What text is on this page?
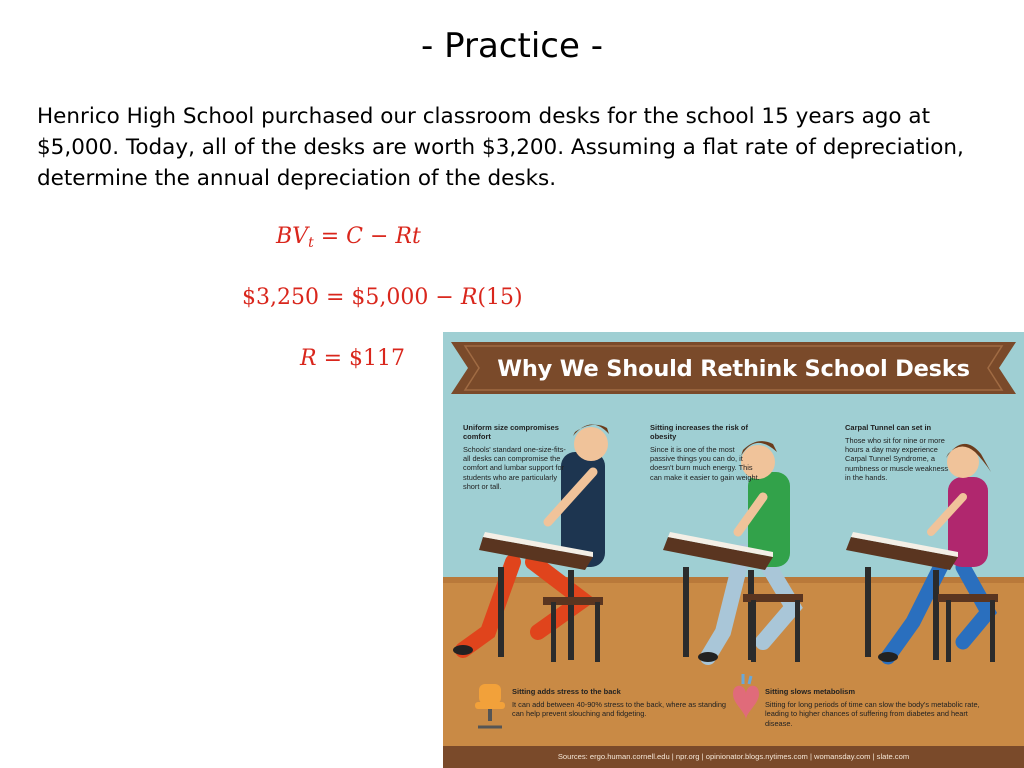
- Practice -
Henrico High School purchased our classroom desks for the school 15 years ago at $5,000. Today, all of the desks are worth $3,200. Assuming a flat rate of depreciation, determine the annual depreciation of the desks.
$BV_t = C - Rt$
$3,250 = $5,000 − R(15)
R = $117	Why We Should Rethink School Desks
Uniform size compromises comfort

Schools' standard one-size-fits-all desks can compromise the comfort and lumbar support for students who are particularly short or tall.

Sitting increases the risk of obesity

Since it is one of the most passive things you can do, it doesn't burn much energy. This can make it easier to gain weight.

Carpal Tunnel can set in

Those who sit for nine or more hours a day may experience Carpal Tunnel Syndrome, a numbness or muscle weakness in the hands.

Sitting adds stress to the back

It can add between 40-90% stress to the back, where as standing can help prevent slouching and fidgeting.

Sitting slows metabolism

Sitting for long periods of time can slow the body's metabolic rate, leading to higher chances of suffering from diabetes and heart disease.

Sources: ergo.human.cornell.edu | npr.org | opinionator.blogs.nytimes.com | womansday.com | slate.com
